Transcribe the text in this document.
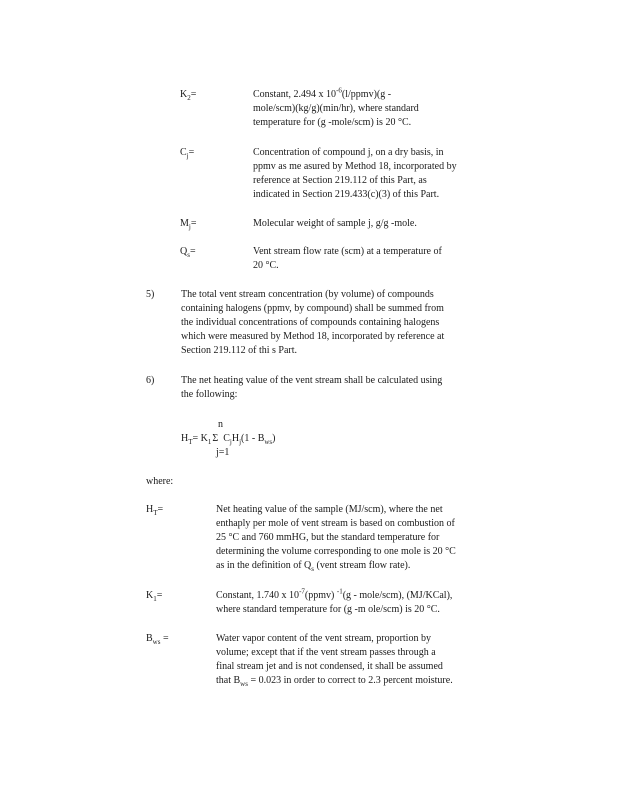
$K_2=$	Constant, 2.494 x $10^{-6}(l/ppmv)(g$ -
mole/scm)(kg/g)(min/hr), where standard
temperature for (g -mole/scm) is 20 °C.
$C_j=$	Concentration of compound j, on a dry basis, in
ppmv as me asured by Method 18, incorporated by
reference at Section 219.112 of this Part, as
indicated in Section 219.433(c)(3) of this Part.
$M_j=$	Molecular weight of sample j, g/g -mole.
$Q_s=$	Vent stream flow rate (scm) at a temperature of
20 °C.
5)	The total vent stream concentration (by volume) of compounds
containing halogens (ppmv, by compound) shall be summed from
the individual concentrations of compounds containing halogens
which were measured by Method 18, incorporated by reference at
Section 219.112 of thi s Part.
6)	The net heating value of the vent stream shall be calculated using
the following:
n
$H_T= K_1\Sigma$ $C_jH_j(1 - B_{ws})$
j=1
where:
$H_T=$	Net heating value of the sample (MJ/scm), where the net
enthaply per mole of vent stream is based on combustion of
25 °C and 760 mmHG, but the standard temperature for
determining the volume corresponding to one mole is 20 °C
as in the definition of $Q_s$ (vent stream flow rate).
$K_1=$	Constant, 1.740 x $10^{-7}(ppmv)$ $^{-1}$(g - mole/scm), (MJ/KCal),
where standard temperature for (g -m ole/scm) is 20 °C.
$B_{ws}$ =	Water vapor content of the vent stream, proportion by
volume; except that if the vent stream passes through a
final stream jet and is not condensed, it shall be assumed
that $B_{ws} = 0.023$ in order to correct to 2.3 percent moisture.
